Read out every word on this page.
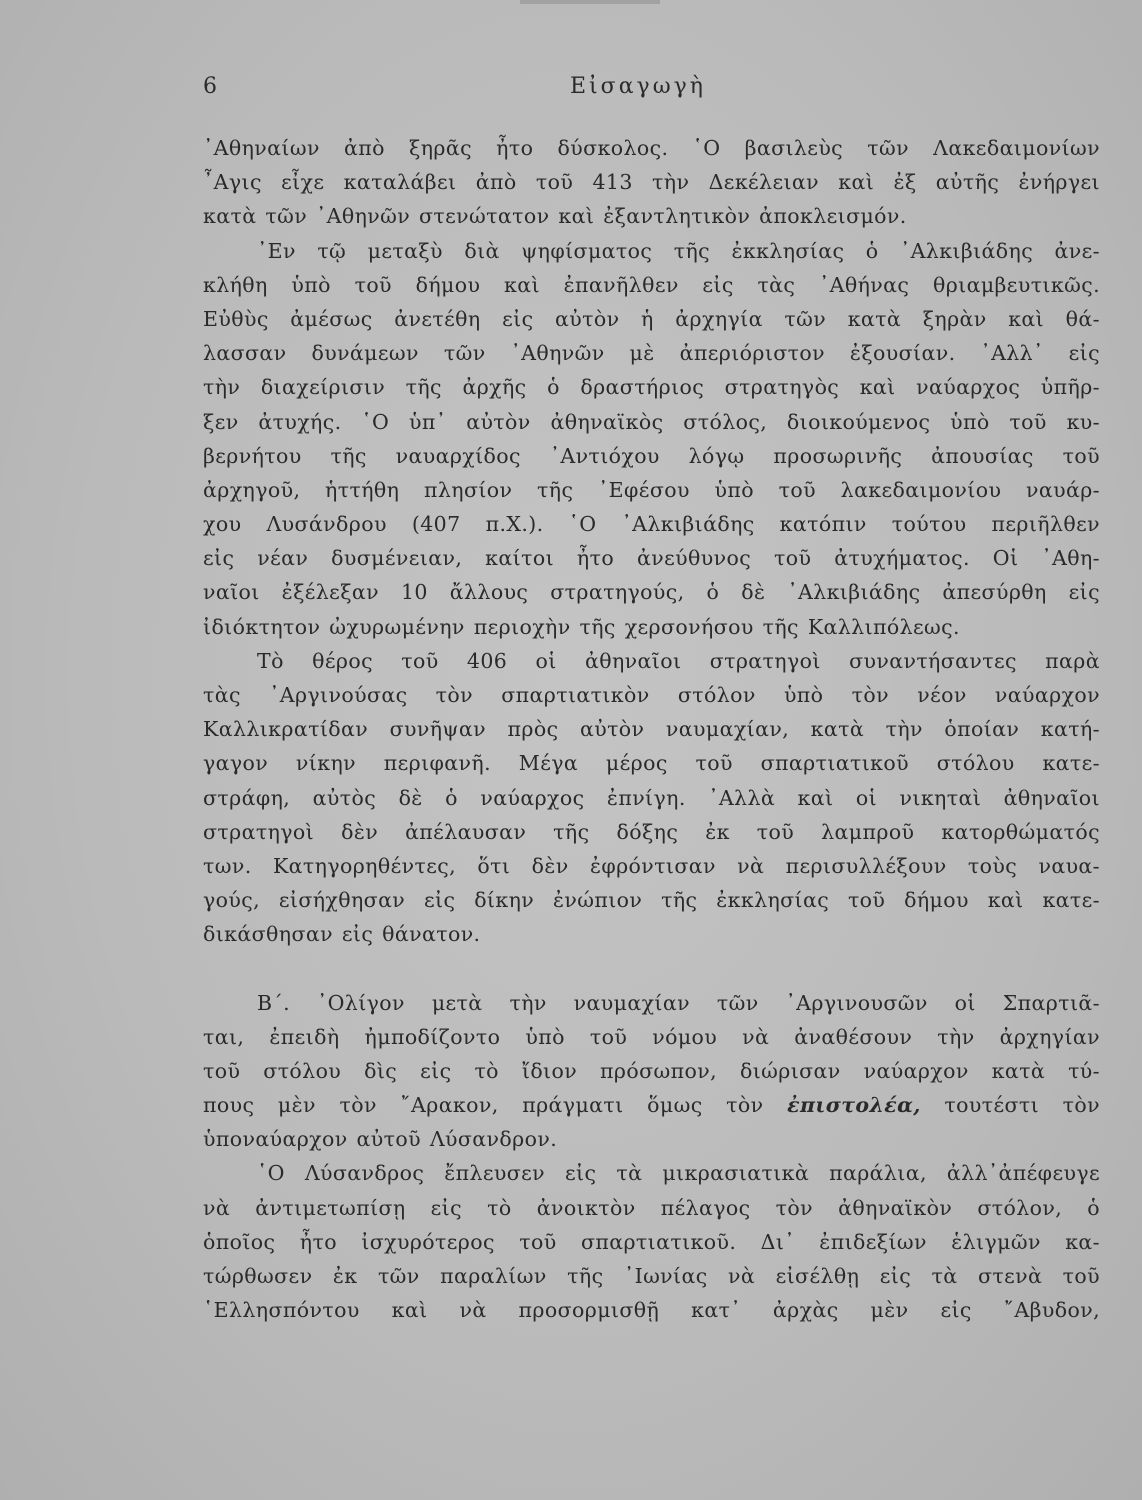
6	Εἰσαγωγὴ
᾿Αθηναίων ἀπὸ ξηρᾶς ἦτο δύσκολος. ῾Ο βασιλεὺς τῶν Λακεδαιμονίων
῏Αγις εἶχε καταλάβει ἀπὸ τοῦ 413 τὴν Δεκέλειαν καὶ ἐξ αὐτῆς ἐνήργει
κατὰ τῶν ᾿Αθηνῶν στενώτατον καὶ ἐξαντλητικὸν ἀποκλεισμόν.
᾿Εν τῷ μεταξὺ διὰ ψηφίσματος τῆς ἐκκλησίας ὁ ᾿Αλκιβιάδης ἀνε-
κλήθη ὑπὸ τοῦ δήμου καὶ ἐπανῆλθεν εἰς τὰς ᾿Αθήνας θριαμβευτικῶς.
Εὐθὺς ἀμέσως ἀνετέθη εἰς αὐτὸν ἡ ἀρχηγία τῶν κατὰ ξηρὰν καὶ θά-
λασσαν δυνάμεων τῶν ᾿Αθηνῶν μὲ ἀπεριόριστον ἐξουσίαν. ᾿Αλλ᾿ εἰς
τὴν διαχείρισιν τῆς ἀρχῆς ὁ δραστήριος στρατηγὸς καὶ ναύαρχος ὑπῆρ-
ξεν ἀτυχής. ῾Ο ὑπ᾿ αὐτὸν ἀθηναϊκὸς στόλος, διοικούμενος ὑπὸ τοῦ κυ-
βερνήτου τῆς ναυαρχίδος ᾿Αντιόχου λόγῳ προσωρινῆς ἀπουσίας τοῦ
ἀρχηγοῦ, ἡττήθη πλησίον τῆς ᾿Εφέσου ὑπὸ τοῦ λακεδαιμονίου ναυάρ-
χου Λυσάνδρου (407 π.Χ.). ῾Ο ᾿Αλκιβιάδης κατόπιν τούτου περιῆλθεν
εἰς νέαν δυσμένειαν, καίτοι ἦτο ἀνεύθυνος τοῦ ἀτυχήματος. Οἱ ᾿Αθη-
ναῖοι ἐξέλεξαν 10 ἄλλους στρατηγούς, ὁ δὲ ᾿Αλκιβιάδης ἀπεσύρθη εἰς
ἰδιόκτητον ὠχυρωμένην περιοχὴν τῆς χερσονήσου τῆς Καλλιπόλεως.
Τὸ θέρος τοῦ 406 οἱ ἀθηναῖοι στρατηγοὶ συναντήσαντες παρὰ
τὰς ᾿Αργινούσας τὸν σπαρτιατικὸν στόλον ὑπὸ τὸν νέον ναύαρχον
Καλλικρατίδαν συνῆψαν πρὸς αὐτὸν ναυμαχίαν, κατὰ τὴν ὁποίαν κατή-
γαγον νίκην περιφανῆ. Μέγα μέρος τοῦ σπαρτιατικοῦ στόλου κατε-
στράφη, αὐτὸς δὲ ὁ ναύαρχος ἐπνίγη. ᾿Αλλὰ καὶ οἱ νικηταὶ ἀθηναῖοι
στρατηγοὶ δὲν ἀπέλαυσαν τῆς δόξης ἐκ τοῦ λαμπροῦ κατορθώματός
των. Κατηγορηθέντες, ὅτι δὲν ἐφρόντισαν νὰ περισυλλέξουν τοὺς ναυα-
γούς, εἰσήχθησαν εἰς δίκην ἐνώπιον τῆς ἐκκλησίας τοῦ δήμου καὶ κατε-
δικάσθησαν εἰς θάνατον.
Β΄. ᾿Ολίγον μετὰ τὴν ναυμαχίαν τῶν ᾿Αργινουσῶν οἱ Σπαρτιᾶ-
ται, ἐπειδὴ ἠμποδίζοντο ὑπὸ τοῦ νόμου νὰ ἀναθέσουν τὴν ἀρχηγίαν
τοῦ στόλου δὶς εἰς τὸ ἴδιον πρόσωπον, διώρισαν ναύαρχον κατὰ τύ-
πους μὲν τὸν ῎Αρακον, πράγματι ὅμως τὸν ἐπιστολέα, τουτέστι τὸν
ὑποναύαρχον αὐτοῦ Λύσανδρον.
῾Ο Λύσανδρος ἔπλευσεν εἰς τὰ μικρασιατικὰ παράλια, ἀλλ᾿ἀπέφευγε
νὰ ἀντιμετωπίσῃ εἰς τὸ ἀνοικτὸν πέλαγος τὸν ἀθηναϊκὸν στόλον, ὁ
ὁποῖος ἦτο ἰσχυρότερος τοῦ σπαρτιατικοῦ. Δι᾿ ἐπιδεξίων ἑλιγμῶν κα-
τώρθωσεν ἐκ τῶν παραλίων τῆς ᾿Ιωνίας νὰ εἰσέλθῃ εἰς τὰ στενὰ τοῦ
῾Ελλησπόντου καὶ νὰ προσορμισθῇ κατ᾿ ἀρχὰς μὲν εἰς ῎Αβυδον,
